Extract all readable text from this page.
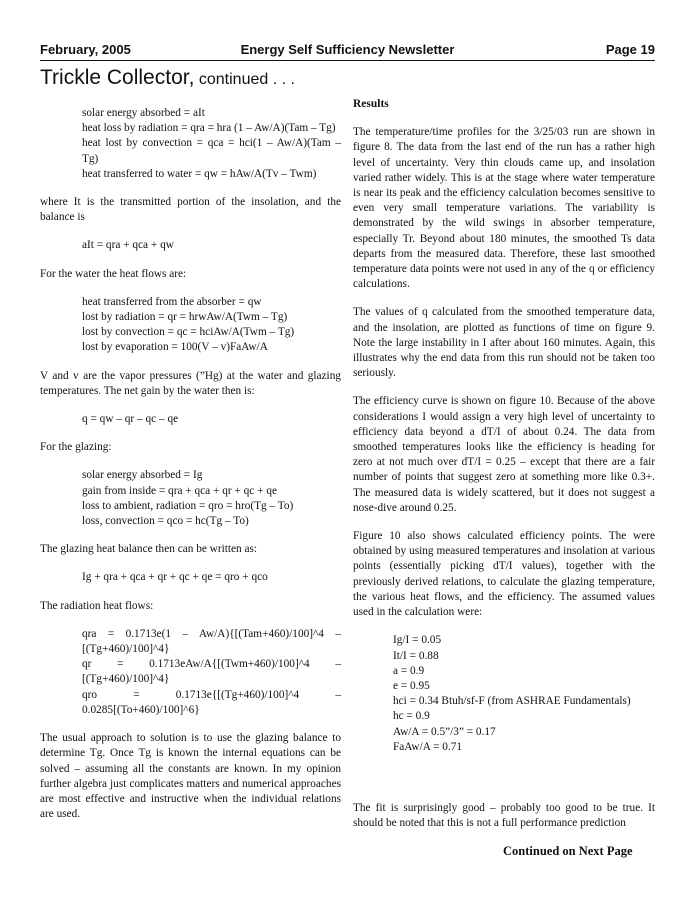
February, 2005	Energy Self Sufficiency Newsletter	Page 19
Trickle Collector, continued . . .

solar energy absorbed = aIt

heat loss by radiation = qra = hra (1 – Aw/A)(Tam – Tg)

heat lost by convection = qca = hci(1 – Aw/A)(Tam – Tg)

heat transferred to water = qw = hAw/A(Tv – Twm)

where It is the transmitted portion of the insolation, and the balance is

aIt = qra + qca + qw

For the water the heat flows are:

heat transferred from the absorber = qw

lost by radiation = qr = hrwAw/A(Twm – Tg)

lost by convection = qc = hciAw/A(Twm – Tg)

lost by evaporation = 100(V – v)FaAw/A

V and v are the vapor pressures (”Hg) at the water and glazing temperatures. The net gain by the water then is:

q = qw – qr – qc – qe

For the glazing:

solar energy absorbed = Ig

gain from inside = qra + qca + qr + qc + qe

loss to ambient, radiation = qro = hro(Tg – To)

loss, convection = qco = hc(Tg – To)

The glazing heat balance then can be written as:

Ig + qra + qca + qr + qc + qe = qro + qco

The radiation heat flows:

qra = 0.1713e(1 – Aw/A){[(Tam+460)/100]^4 – [(Tg+460)/100]^4}

qr = 0.1713eAw/A{[(Twm+460)/100]^4 – [(Tg+460)/100]^4}

qro = 0.1713e{[(Tg+460)/100]^4 – 0.0285[(To+460)/100]^6}

The usual approach to solution is to use the glazing balance to determine Tg. Once Tg is known the internal equations can be solved – assuming all the constants are known. In my opinion further algebra just complicates matters and numerical approaches are most effective and instructive when the individual relations are used.

Results

The temperature/time profiles for the 3/25/03 run are shown in figure 8. The data from the last end of the run has a rather high level of uncertainty. Very thin clouds came up, and insolation varied rather widely. This is at the stage where water temperature is near its peak and the efficiency calculation becomes sensitive to even very small temperature variations. The variability is demonstrated by the wild swings in absorber temperature, especially Tr. Beyond about 180 minutes, the smoothed Ts data departs from the measured data. Therefore, these last smoothed temperature data points were not used in any of the q or efficiency calculations.

The values of q calculated from the smoothed temperature data, and the insolation, are plotted as functions of time on figure 9. Note the large instability in I after about 160 minutes. Again, this illustrates why the end data from this run should not be taken too seriously.

The efficiency curve is shown on figure 10. Because of the above considerations I would assign a very high level of uncertainty to efficiency data beyond a dT/I of about 0.24. The data from smoothed temperatures looks like the efficiency is heading for zero at not much over dT/I = 0.25 – except that there are a fair number of points that suggest zero at something more like 0.3+. The measured data is widely scattered, but it does not suggest a nose-dive around 0.25.

Figure 10 also shows calculated efficiency points. The were obtained by using measured temperatures and insolation at various points (essentially picking dT/I values), together with the previously derived relations, to calculate the glazing temperature, the various heat flows, and the efficiency. The assumed values used in the calculation were:

Ig/I = 0.05

It/I = 0.88

a = 0.9

e = 0.95

hci = 0.34 Btuh/sf-F (from ASHRAE Fundamentals)

hc = 0.9

Aw/A = 0.5”/3” = 0.17

FaAw/A = 0.71

The fit is surprisingly good – probably too good to be true. It should be noted that this is not a full performance prediction

Continued on Next Page
